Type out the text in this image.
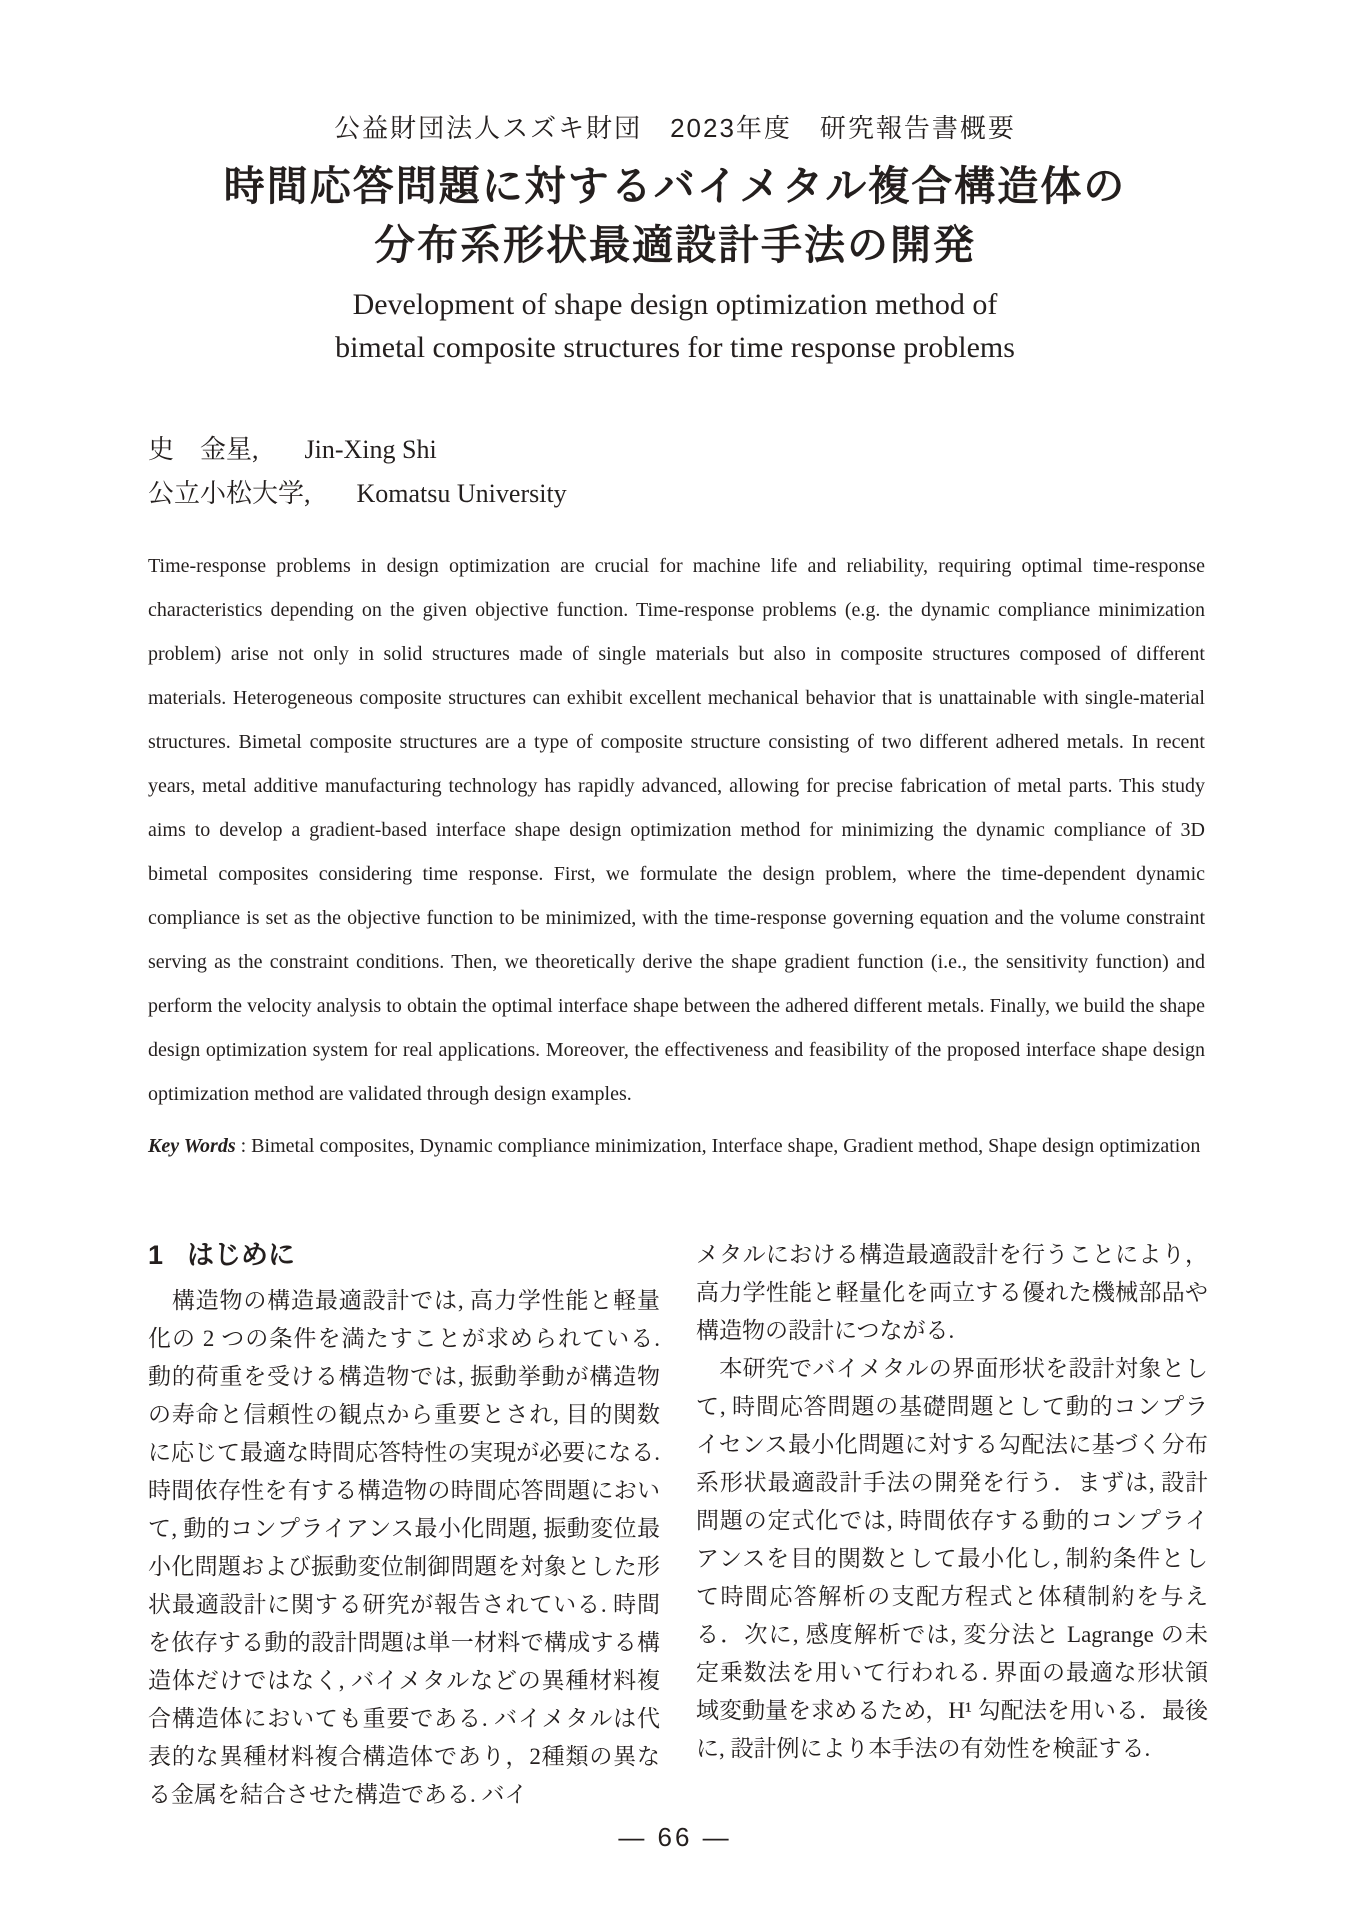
公益財団法人スズキ財団　2023年度　研究報告書概要
時間応答問題に対するバイメタル複合構造体の
分布系形状最適設計手法の開発
Development of shape design optimization method of
bimetal composite structures for time response problems
史　金星, Jin-Xing Shi
公立小松大学, Komatsu University

Time-response problems in design optimization are crucial for machine life and reliability, requiring optimal time-response characteristics depending on the given objective function. Time-response problems (e.g. the dynamic compliance minimization problem) arise not only in solid structures made of single materials but also in composite structures composed of different materials. Heterogeneous composite structures can exhibit excellent mechanical behavior that is unattainable with single-material structures. Bimetal composite structures are a type of composite structure consisting of two different adhered metals. In recent years, metal additive manufacturing technology has rapidly advanced, allowing for precise fabrication of metal parts. This study aims to develop a gradient-based interface shape design optimization method for minimizing the dynamic compliance of 3D bimetal composites considering time response. First, we formulate the design problem, where the time-dependent dynamic compliance is set as the objective function to be minimized, with the time-response governing equation and the volume constraint serving as the constraint conditions. Then, we theoretically derive the shape gradient function (i.e., the sensitivity function) and perform the velocity analysis to obtain the optimal interface shape between the adhered different metals. Finally, we build the shape design optimization system for real applications. Moreover, the effectiveness and feasibility of the proposed interface shape design optimization method are validated through design examples.

Key Words : Bimetal composites, Dynamic compliance minimization, Interface shape, Gradient method, Shape design optimization

1 はじめに

　構造物の構造最適設計では, 高力学性能と軽量化の 2 つの条件を満たすことが求められている. 動的荷重を受ける構造物では, 振動挙動が構造物の寿命と信頼性の観点から重要とされ, 目的関数に応じて最適な時間応答特性の実現が必要になる. 時間依存性を有する構造物の時間応答問題において, 動的コンプライアンス最小化問題, 振動変位最小化問題および振動変位制御問題を対象とした形状最適設計に関する研究が報告されている. 時間を依存する動的設計問題は単一材料で構成する構造体だけではなく, バイメタルなどの異種材料複合構造体においても重要である. バイメタルは代表的な異種材料複合構造体であり，2種類の異なる金属を結合させた構造である. バイ

メタルにおける構造最適設計を行うことにより，高力学性能と軽量化を両立する優れた機械部品や構造物の設計につながる.

　本研究でバイメタルの界面形状を設計対象として, 時間応答問題の基礎問題として動的コンプライセンス最小化問題に対する勾配法に基づく分布系形状最適設計手法の開発を行う．まずは, 設計問題の定式化では, 時間依存する動的コンプライアンスを目的関数として最小化し, 制約条件として時間応答解析の支配方程式と体積制約を与える．次に, 感度解析では, 変分法と Lagrange の未定乗数法を用いて行われる. 界面の最適な形状領域変動量を求めるため，H¹ 勾配法を用いる．最後に, 設計例により本手法の有効性を検証する.

— 66 —
